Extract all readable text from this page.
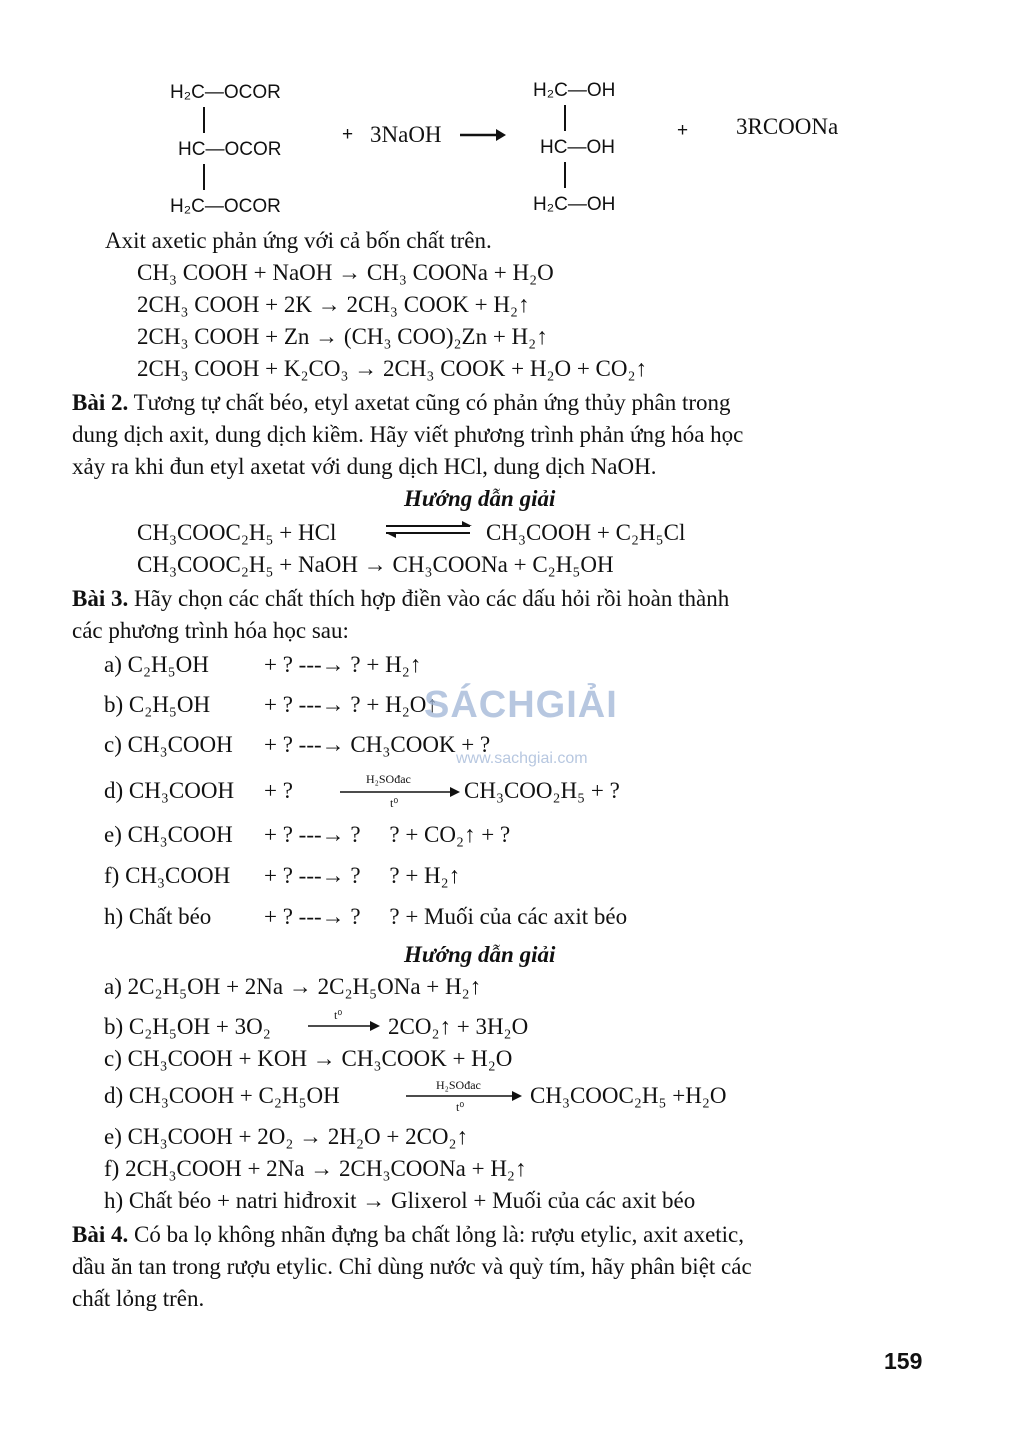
H₂C—OCOR
HC—OCOR
H₂C—OCOR
+ 3NaOH →
H₂C—OH
HC—OH
H₂C—OH
+ 3RCOONa
Axit axetic phản ứng với cả bốn chất trên.
CH₃ COOH + NaOH → CH₃ COONa + H₂O
2CH₃ COOH + 2K → 2CH₃ COOK + H₂↑
2CH₃ COOH + Zn → (CH₃ COO)₂Zn + H₂↑
2CH₃ COOH + K₂CO₃ → 2CH₃ COOK + H₂O + CO₂↑
Bài 2. Tương tự chất béo, etyl axetat cũng có phản ứng thủy phân trong
dung dịch axit, dung dịch kiềm. Hãy viết phương trình phản ứng hóa học
xảy ra khi đun etyl axetat với dung dịch HCl, dung dịch NaOH.
Hướng dẫn giải
CH₃COOC₂H₅ + HCl	CH₃COOH + C₂H₅Cl
CH₃COOC₂H₅ + NaOH → CH₃COONa + C₂H₅OH
Bài 3. Hãy chọn các chất thích hợp điền vào các dấu hỏi rồi hoàn thành
các phương trình hóa học sau:
a) C₂H₅OH + ? ---→ ? + H₂↑
b) C₂H₅OH + ? ---→ ? + H₂O↑
c) CH₃COOH + ? ---→ CH₃COOK + ?
d) CH₃COOH + ?	H₂SOđac
t⁰	CH₃COO₂H₅ + ?
e) CH₃COOH + ? ---→ ?     ? + CO₂↑ + ?
f) CH₃COOH + ? ---→ ?     ? + H₂↑
h) Chất béo + ? ---→ ?     ? + Muối của các axit béo
Hướng dẫn giải
a) 2C₂H₅OH + 2Na → 2C₂H₅ONa + H₂↑
b) C₂H₅OH + 3O₂	t⁰ 2CO₂↑ + 3H₂O
c) CH₃COOH + KOH → CH₃COOK + H₂O
d) CH₃COOH + C₂H₅OH	H₂SOđac
t⁰	CH₃COOC₂H₅ +H₂O
e) CH₃COOH + 2O₂ → 2H₂O + 2CO₂↑
f) 2CH₃COOH + 2Na → 2CH₃COONa + H₂↑
h) Chất béo + natri hiđroxit → Glixerol + Muối của các axit béo
Bài 4. Có ba lọ không nhãn đựng ba chất lỏng là: rượu etylic, axit axetic,
dầu ăn tan trong rượu etylic. Chỉ dùng nước và quỳ tím, hãy phân biệt các
chất lỏng trên.
SÁCHGIẢI
www.sachgiai.com
159
